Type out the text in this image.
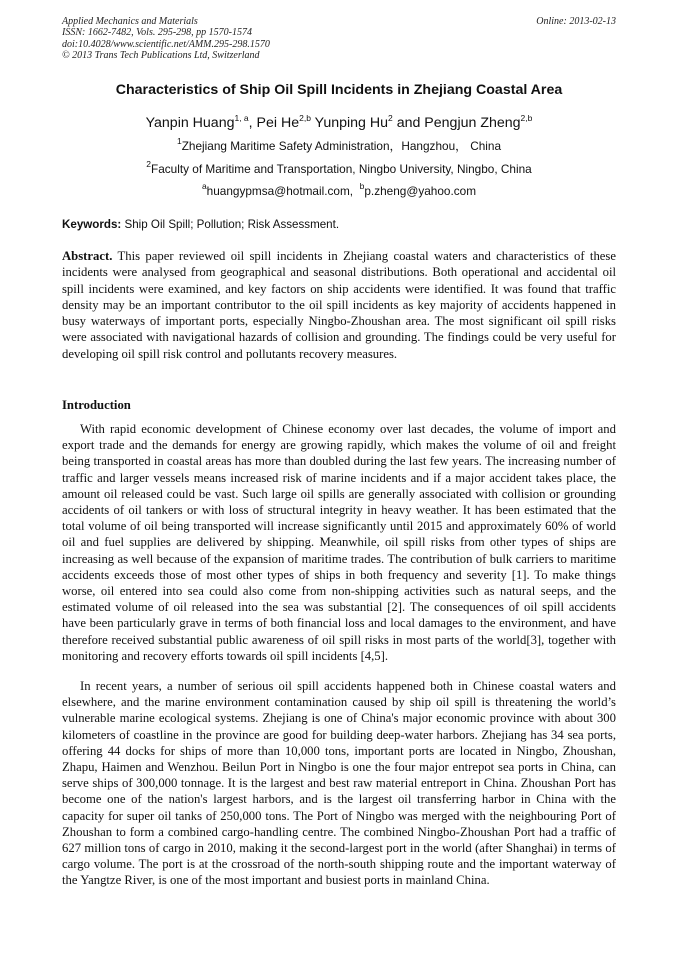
Applied Mechanics and Materials
ISSN: 1662-7482, Vols. 295-298, pp 1570-1574
doi:10.4028/www.scientific.net/AMM.295-298.1570
© 2013 Trans Tech Publications Ltd, Switzerland
Online: 2013-02-13
Characteristics of Ship Oil Spill Incidents in Zhejiang Coastal Area
Yanpin Huang$^{1, a}$, Pei He$^{2,b}$ Yunping Hu$^2$ and Pengjun Zheng$^{2,b}$
$^1$Zhejiang Maritime Safety Administration，Hangzhou， China
$^2$Faculty of Maritime and Transportation, Ningbo University, Ningbo, China
$^a$huangypmsa@hotmail.com, $^b$p.zheng@yahoo.com
Keywords: Ship Oil Spill; Pollution; Risk Assessment.
Abstract. This paper reviewed oil spill incidents in Zhejiang coastal waters and characteristics of these incidents were analysed from geographical and seasonal distributions. Both operational and accidental oil spill incidents were examined, and key factors on ship accidents were identified. It was found that traffic density may be an important contributor to the oil spill incidents as key majority of accidents happened in busy waterways of important ports, especially Ningbo-Zhoushan area. The most significant oil spill risks were associated with navigational hazards of collision and grounding. The findings could be very useful for developing oil spill risk control and pollutants recovery measures.
Introduction
With rapid economic development of Chinese economy over last decades, the volume of import and export trade and the demands for energy are growing rapidly, which makes the volume of oil and freight being transported in coastal areas has more than doubled during the last few years. The increasing number of traffic and larger vessels means increased risk of marine incidents and if a major accident takes place, the amount oil released could be vast. Such large oil spills are generally associated with collision or grounding accidents of oil tankers or with loss of structural integrity in heavy weather. It has been estimated that the total volume of oil being transported will increase significantly until 2015 and approximately 60% of world oil and fuel supplies are delivered by shipping. Meanwhile, oil spill risks from other types of ships are increasing as well because of the expansion of maritime trades. The contribution of bulk carriers to maritime accidents exceeds those of most other types of ships in both frequency and severity [1]. To make things worse, oil entered into sea could also come from non-shipping activities such as natural seeps, and the estimated volume of oil released into the sea was substantial [2]. The consequences of oil spill accidents have been particularly grave in terms of both financial loss and local damages to the environment, and have therefore received substantial public awareness of oil spill risks in most parts of the world[3], together with monitoring and recovery efforts towards oil spill incidents [4,5].
In recent years, a number of serious oil spill accidents happened both in Chinese coastal waters and elsewhere, and the marine environment contamination caused by ship oil spill is threatening the world’s vulnerable marine ecological systems. Zhejiang is one of China's major economic province with about 300 kilometers of coastline in the province are good for building deep-water harbors. Zhejiang has 34 sea ports, offering 44 docks for ships of more than 10,000 tons, important ports are located in Ningbo, Zhoushan, Zhapu, Haimen and Wenzhou. Beilun Port in Ningbo is one the four major entrepot sea ports in China, can serve ships of 300,000 tonnage. It is the largest and best raw material entreport in China. Zhoushan Port has become one of the nation's largest harbors, and is the largest oil transferring harbor in China with the capacity for super oil tanks of 250,000 tons. The Port of Ningbo was merged with the neighbouring Port of Zhoushan to form a combined cargo-handling centre. The combined Ningbo-Zhoushan Port had a traffic of 627 million tons of cargo in 2010, making it the second-largest port in the world (after Shanghai) in terms of cargo volume. The port is at the crossroad of the north-south shipping route and the important waterway of the Yangtze River, is one of the most important and busiest ports in mainland China.
